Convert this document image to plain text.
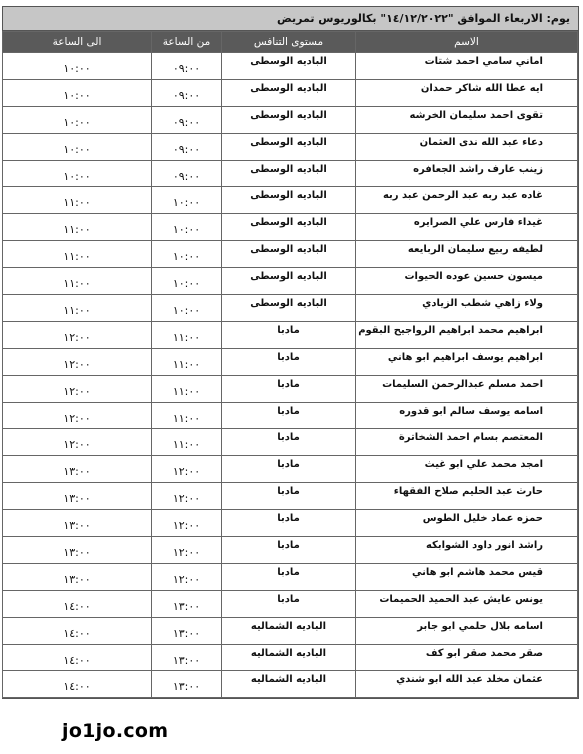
يوم: الاربعاء الموافق "١٤/١٢/٢٠٢٢" بكالوريوس تمريض
الاسم	مستوى التنافس	من الساعة	الى الساعة
اماني سامي احمد شتات	الباديه الوسطى	٠٩:٠٠	١٠:٠٠
ايه عطا الله شاكر حمدان	الباديه الوسطى	٠٩:٠٠	١٠:٠٠
تقوى احمد سليمان الخرشه	الباديه الوسطى	٠٩:٠٠	١٠:٠٠
دعاء عبد الله ندى العثمان	الباديه الوسطى	٠٩:٠٠	١٠:٠٠
زينب عارف راشد الجعافره	الباديه الوسطى	٠٩:٠٠	١٠:٠٠
غاده عبد ربه عبد الرحمن عبد ربه	الباديه الوسطى	١٠:٠٠	١١:٠٠
غيداء فارس علي الصرايره	الباديه الوسطى	١٠:٠٠	١١:٠٠
لطيفه ربيع سليمان الربايعه	الباديه الوسطى	١٠:٠٠	١١:٠٠
ميسون حسين عوده الحيوات	الباديه الوسطى	١٠:٠٠	١١:٠٠
ولاء زاهي شطب الزيادي	الباديه الوسطى	١٠:٠٠	١١:٠٠
ابراهيم محمد ابراهيم الرواجيح البقوم	مادبا	١١:٠٠	١٢:٠٠
ابراهيم يوسف ابراهيم ابو هاني	مادبا	١١:٠٠	١٢:٠٠
احمد مسلم عبدالرحمن السليمات	مادبا	١١:٠٠	١٢:٠٠
اسامه يوسف سالم ابو قدوره	مادبا	١١:٠٠	١٢:٠٠
المعتصم بسام احمد الشخاترة	مادبا	١١:٠٠	١٢:٠٠
امجد محمد علي ابو غيث	مادبا	١٢:٠٠	١٣:٠٠
حارث عبد الحليم صلاح الفقهاء	مادبا	١٢:٠٠	١٣:٠٠
حمزه عماد خليل الطوس	مادبا	١٢:٠٠	١٣:٠٠
راشد انور داود الشوابكه	مادبا	١٢:٠٠	١٣:٠٠
قيس محمد هاشم ابو هاني	مادبا	١٢:٠٠	١٣:٠٠
يونس عايش عبد الحميد الحميمات	مادبا	١٣:٠٠	١٤:٠٠
اسامه بلال حلمي ابو جابر	الباديه الشماليه	١٣:٠٠	١٤:٠٠
صقر محمد صقر ابو كف	الباديه الشماليه	١٣:٠٠	١٤:٠٠
عثمان مخلد عبد الله ابو شندي	الباديه الشماليه	١٣:٠٠	١٤:٠٠
jo1jo.com
